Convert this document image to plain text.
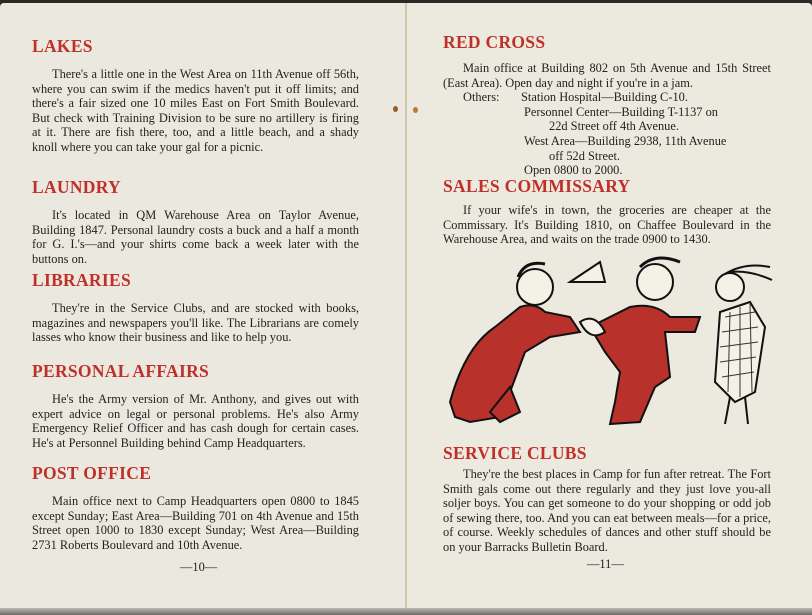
LAKES

There's a little one in the West Area on 11th Avenue off 56th, where you can swim if the medics haven't put it off limits; and there's a fair sized one 10 miles East on Fort Smith Boulevard. But check with Training Division to be sure no artillery is firing at it. There are fish there, too, and a little beach, and a shady knoll where you can take your gal for a picnic.

LAUNDRY

It's located in QM Warehouse Area on Taylor Avenue, Building 1847. Personal laundry costs a buck and a half a month for G. I.'s—and your shirts come back a week later with the buttons on.

LIBRARIES

They're in the Service Clubs, and are stocked with books, magazines and newspapers you'll like. The Librarians are comely lasses who know their business and like to help you.

PERSONAL AFFAIRS

He's the Army version of Mr. Anthony, and gives out with expert advice on legal or personal problems. He's also Army Emergency Relief Officer and has cash dough for certain cases. He's at Personnel Building behind Camp Headquarters.

POST OFFICE

Main office next to Camp Headquarters open 0800 to 1845 except Sunday; East Area—Building 701 on 4th Avenue and 15th Street open 1000 to 1830 except Sunday; West Area—Building 2731 Roberts Boulevard and 10th Avenue.

—10—
RED CROSS

Main office at Building 802 on 5th Avenue and 15th Street (East Area). Open day and night if you're in a jam.

Others:	Station Hospital—Building C-10.
Personnel Center—Building T-1137 on
22d Street off 4th Avenue.
West Area—Building 2938, 11th Avenue
off 52d Street.
Open 0800 to 2000.
SALES COMMISSARY

If your wife's in town, the groceries are cheaper at the Commissary. It's Building 1810, on Chaffee Boulevard in the Warehouse Area, and waits on the trade 0900 to 1430.

SERVICE CLUBS

They're the best places in Camp for fun after retreat. The Fort Smith gals come out there regularly and they just love you-all soljer boys. You can get someone to do your shopping or odd job of sewing there, too. And you can eat between meals—for a price, of course. Weekly schedules of dances and other stuff should be on your Barracks Bulletin Board.

—11—
